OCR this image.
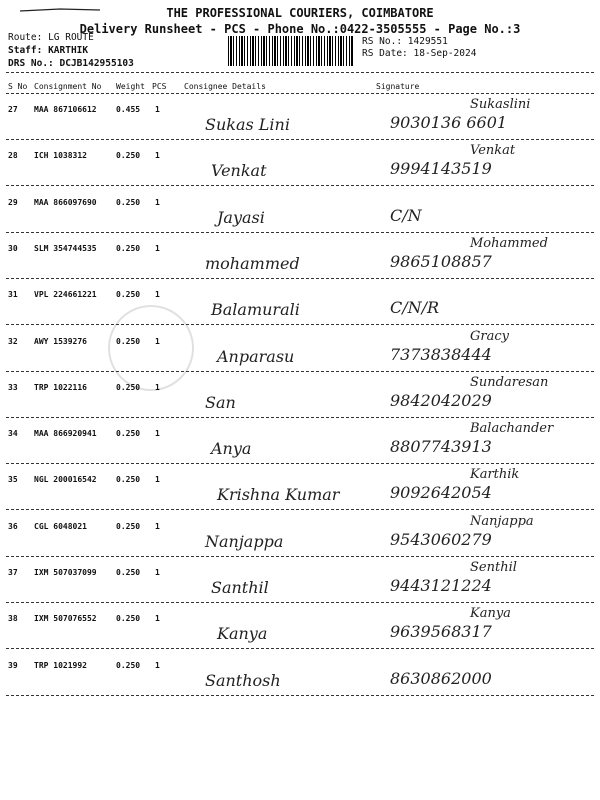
THE PROFESSIONAL COURIERS, COIMBATORE
Delivery Runsheet - PCS - Phone No.:0422-3505555 - Page No.:3
Route: LG ROUTE
Staff: KARTHIK
DRS No.: DCJB142955103
RS No.: 1429551
RS Date: 18-Sep-2024
S No Consignment No Weight PCS Consignee Details	Signature
27 MAA 867106612 0.455 1
Sukas Lini	9030136 6601
Sukaslini
28 ICH 1038312	0.250 1
Venkat	9994143519
Venkat
29 MAA 866097690 0.250 1
Jayasi	C/N
30 SLM 354744535 0.250 1
mohammed	9865108857
Mohammed
31 VPL 224661221 0.250 1
Balamurali	C/N/R
32 AWY 1539276	0.250 1
Anparasu	7373838444
Gracy
33 TRP 1022116	0.250 1
San	9842042029
Sundaresan
34 MAA 866920941 0.250 1
Anya	8807743913
Balachander
35 NGL 200016542 0.250 1
Krishna Kumar	9092642054
Karthik
36 CGL 6048021	0.250 1
Nanjappa	9543060279
Nanjappa
37 IXM 507037099 0.250 1
Santhil	9443121224
Senthil
38 IXM 507076552 0.250 1
Kanya	9639568317
Kanya
39 TRP 1021992	0.250 1
Santhosh	8630862000
